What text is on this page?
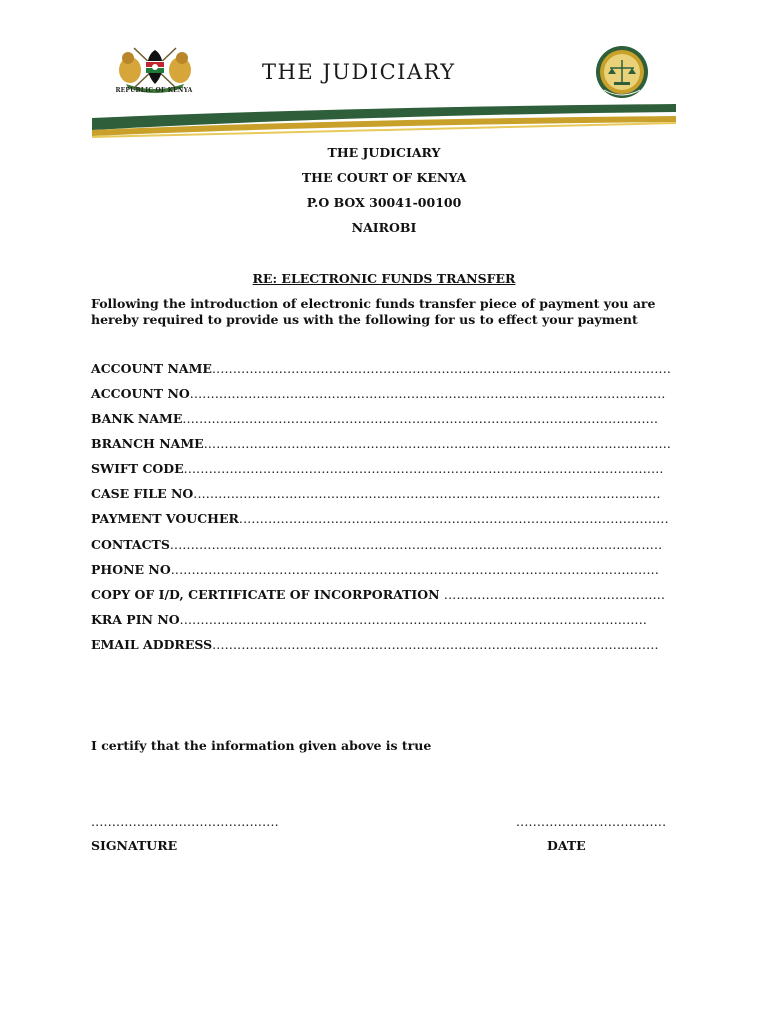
REPUBLIC OF KENYA
THE JUDICIARY
THE JUDICIARY
THE COURT OF KENYA
P.O BOX 30041-00100
NAIROBI
RE: ELECTRONIC FUNDS TRANSFER
Following the introduction of electronic funds transfer piece of payment you are hereby required to provide us with the following for us to effect your payment
ACCOUNT NAME..............................................................................................................
ACCOUNT NO..................................................................................................................
BANK NAME..................................................................................................................
BRANCH NAME................................................................................................................
SWIFT CODE...................................................................................................................
CASE FILE NO................................................................................................................
PAYMENT VOUCHER.......................................................................................................
CONTACTS......................................................................................................................
PHONE NO.....................................................................................................................
COPY OF I/D, CERTIFICATE OF INCORPORATION .....................................................
KRA PIN NO................................................................................................................
EMAIL ADDRESS...........................................................................................................
I certify that the information given above is true
.............................................
SIGNATURE
....................................
DATE
